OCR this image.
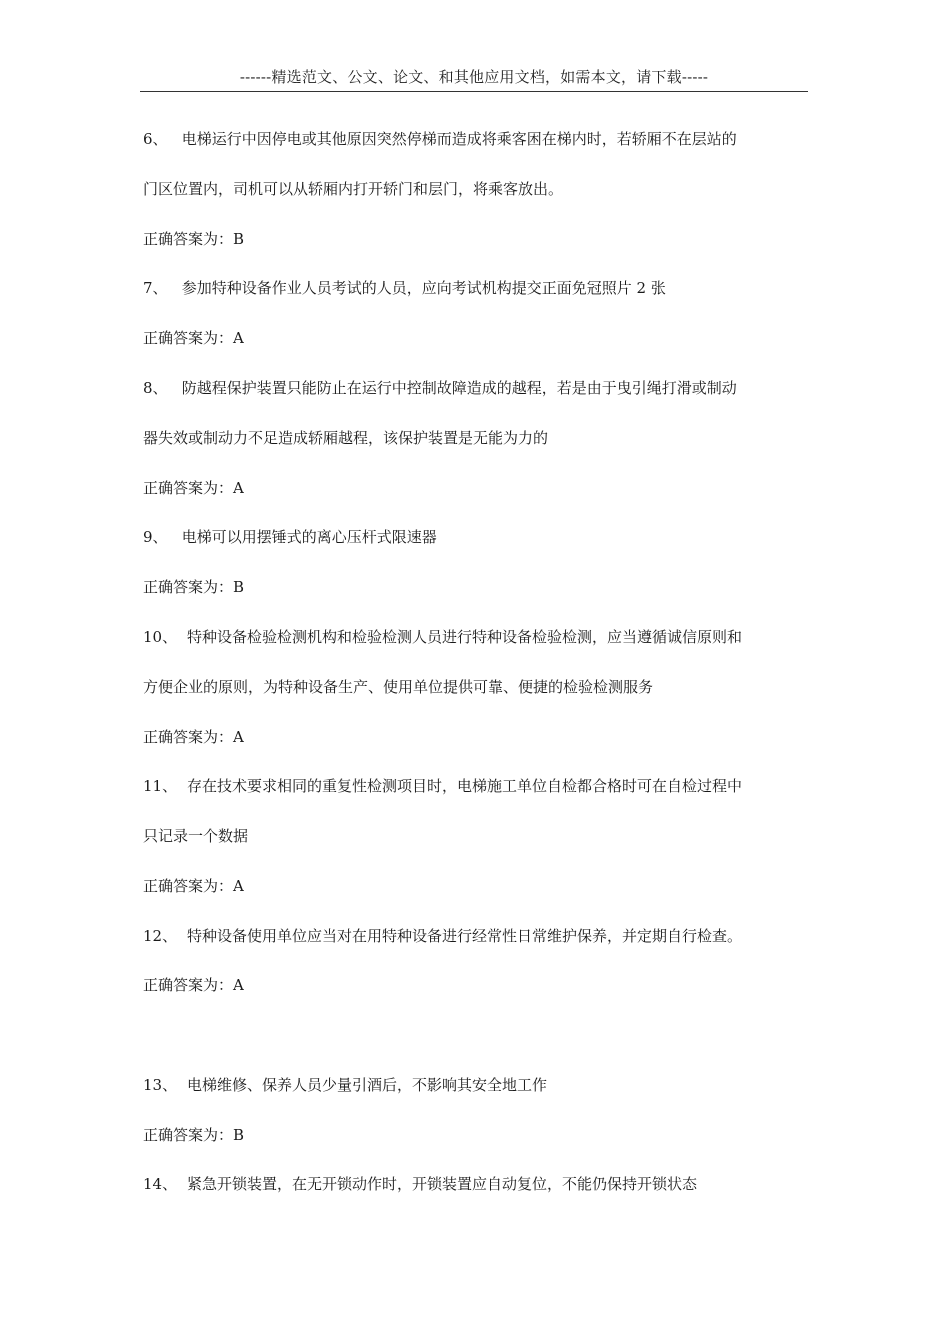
------精选范文、公文、论文、和其他应用文档，如需本文，请下载-----
6、 电梯运行中因停电或其他原因突然停梯而造成将乘客困在梯内时，若轿厢不在层站的
门区位置内，司机可以从轿厢内打开轿门和层门，将乘客放出。
正确答案为：B
7、 参加特种设备作业人员考试的人员，应向考试机构提交正面免冠照片 2 张
正确答案为：A
8、 防越程保护装置只能防止在运行中控制故障造成的越程，若是由于曳引绳打滑或制动
器失效或制动力不足造成轿厢越程，该保护装置是无能为力的
正确答案为：A
9、 电梯可以用摆锤式的离心压杆式限速器
正确答案为：B
10、 特种设备检验检测机构和检验检测人员进行特种设备检验检测，应当遵循诚信原则和
方便企业的原则，为特种设备生产、使用单位提供可靠、便捷的检验检测服务
正确答案为：A
11、 存在技术要求相同的重复性检测项目时，电梯施工单位自检都合格时可在自检过程中
只记录一个数据
正确答案为：A
12、 特种设备使用单位应当对在用特种设备进行经常性日常维护保养，并定期自行检查。
正确答案为：A
13、 电梯维修、保养人员少量引酒后，不影响其安全地工作
正确答案为：B
14、 紧急开锁装置，在无开锁动作时，开锁装置应自动复位，不能仍保持开锁状态
